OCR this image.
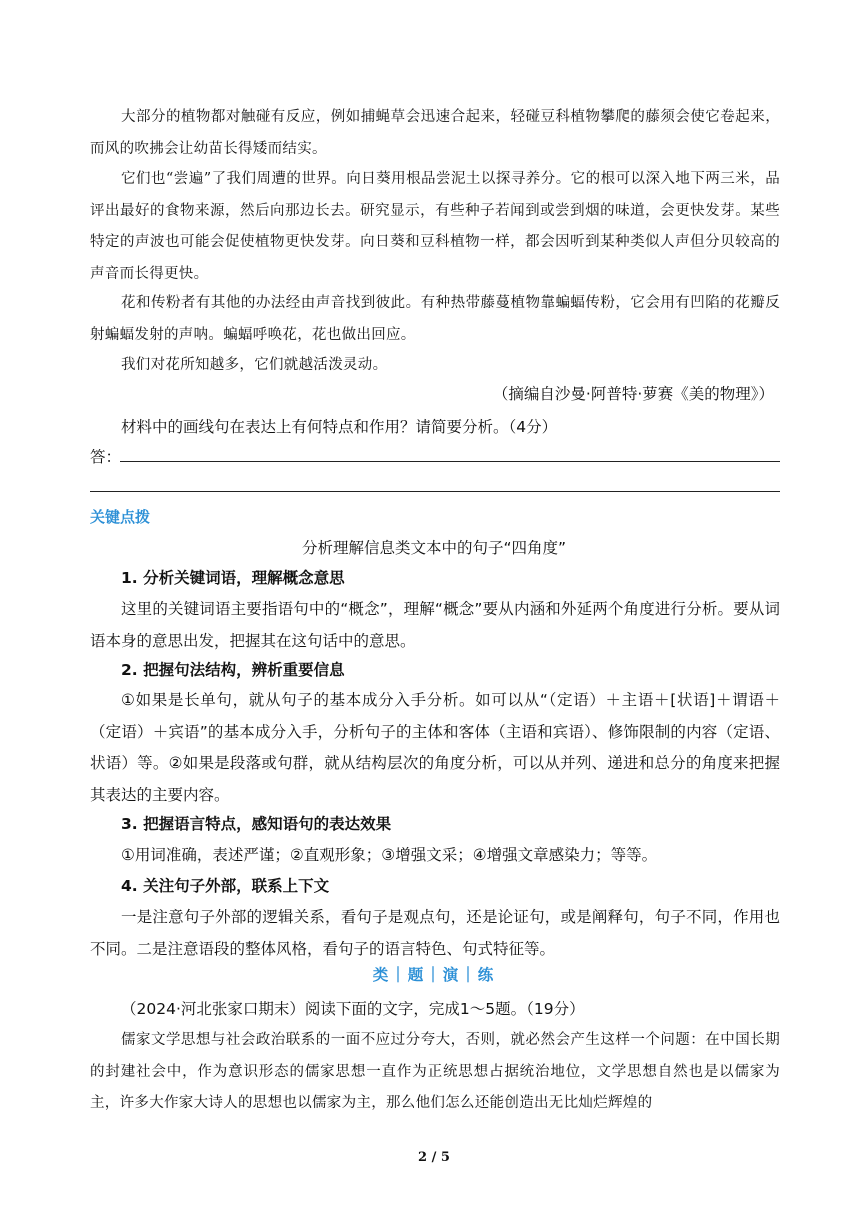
大部分的植物都对触碰有反应，例如捕蝇草会迅速合起来，轻碰豆科植物攀爬的藤须会使它卷起来，而风的吹拂会让幼苗长得矮而结实。

它们也“尝遍”了我们周遭的世界。向日葵用根品尝泥土以探寻养分。它的根可以深入地下两三米，品评出最好的食物来源，然后向那边长去。研究显示，有些种子若闻到或尝到烟的味道，会更快发芽。某些特定的声波也可能会促使植物更快发芽。向日葵和豆科植物一样，都会因听到某种类似人声但分贝较高的声音而长得更快。

花和传粉者有其他的办法经由声音找到彼此。有种热带藤蔓植物靠蝙蝠传粉，它会用有凹陷的花瓣反射蝙蝠发射的声呐。蝙蝠呼唤花，花也做出回应。

我们对花所知越多，它们就越活泼灵动。

（摘编自沙曼·阿普特·萝赛《美的物理》）

材料中的画线句在表达上有何特点和作用？请简要分析。（4分）

答：
关键点拨
分析理解信息类文本中的句子“四角度”

1. 分析关键词语，理解概念意思

这里的关键词语主要指语句中的“概念”，理解“概念”要从内涵和外延两个角度进行分析。要从词语本身的意思出发，把握其在这句话中的意思。

2. 把握句法结构，辨析重要信息

①如果是长单句，就从句子的基本成分入手分析。如可以从“（定语）＋主语＋[状语]＋谓语＋（定语）＋宾语”的基本成分入手，分析句子的主体和客体（主语和宾语）、修饰限制的内容（定语、状语）等。②如果是段落或句群，就从结构层次的角度分析，可以从并列、递进和总分的角度来把握其表达的主要内容。

3. 把握语言特点，感知语句的表达效果

①用词准确，表述严谨；②直观形象；③增强文采；④增强文章感染力；等等。

4. 关注句子外部，联系上下文

一是注意句子外部的逻辑关系，看句子是观点句，还是论证句，或是阐释句，句子不同，作用也不同。二是注意语段的整体风格，看句子的语言特色、句式特征等。

类｜题｜演｜练

（2024·河北张家口期末）阅读下面的文字，完成1～5题。（19分）

儒家文学思想与社会政治联系的一面不应过分夸大，否则，就必然会产生这样一个问题：在中国长期的封建社会中，作为意识形态的儒家思想一直作为正统思想占据统治地位，文学思想自然也是以儒家为主，许多大作家大诗人的思想也以儒家为主，那么他们怎么还能创造出无比灿烂辉煌的

2 / 5
